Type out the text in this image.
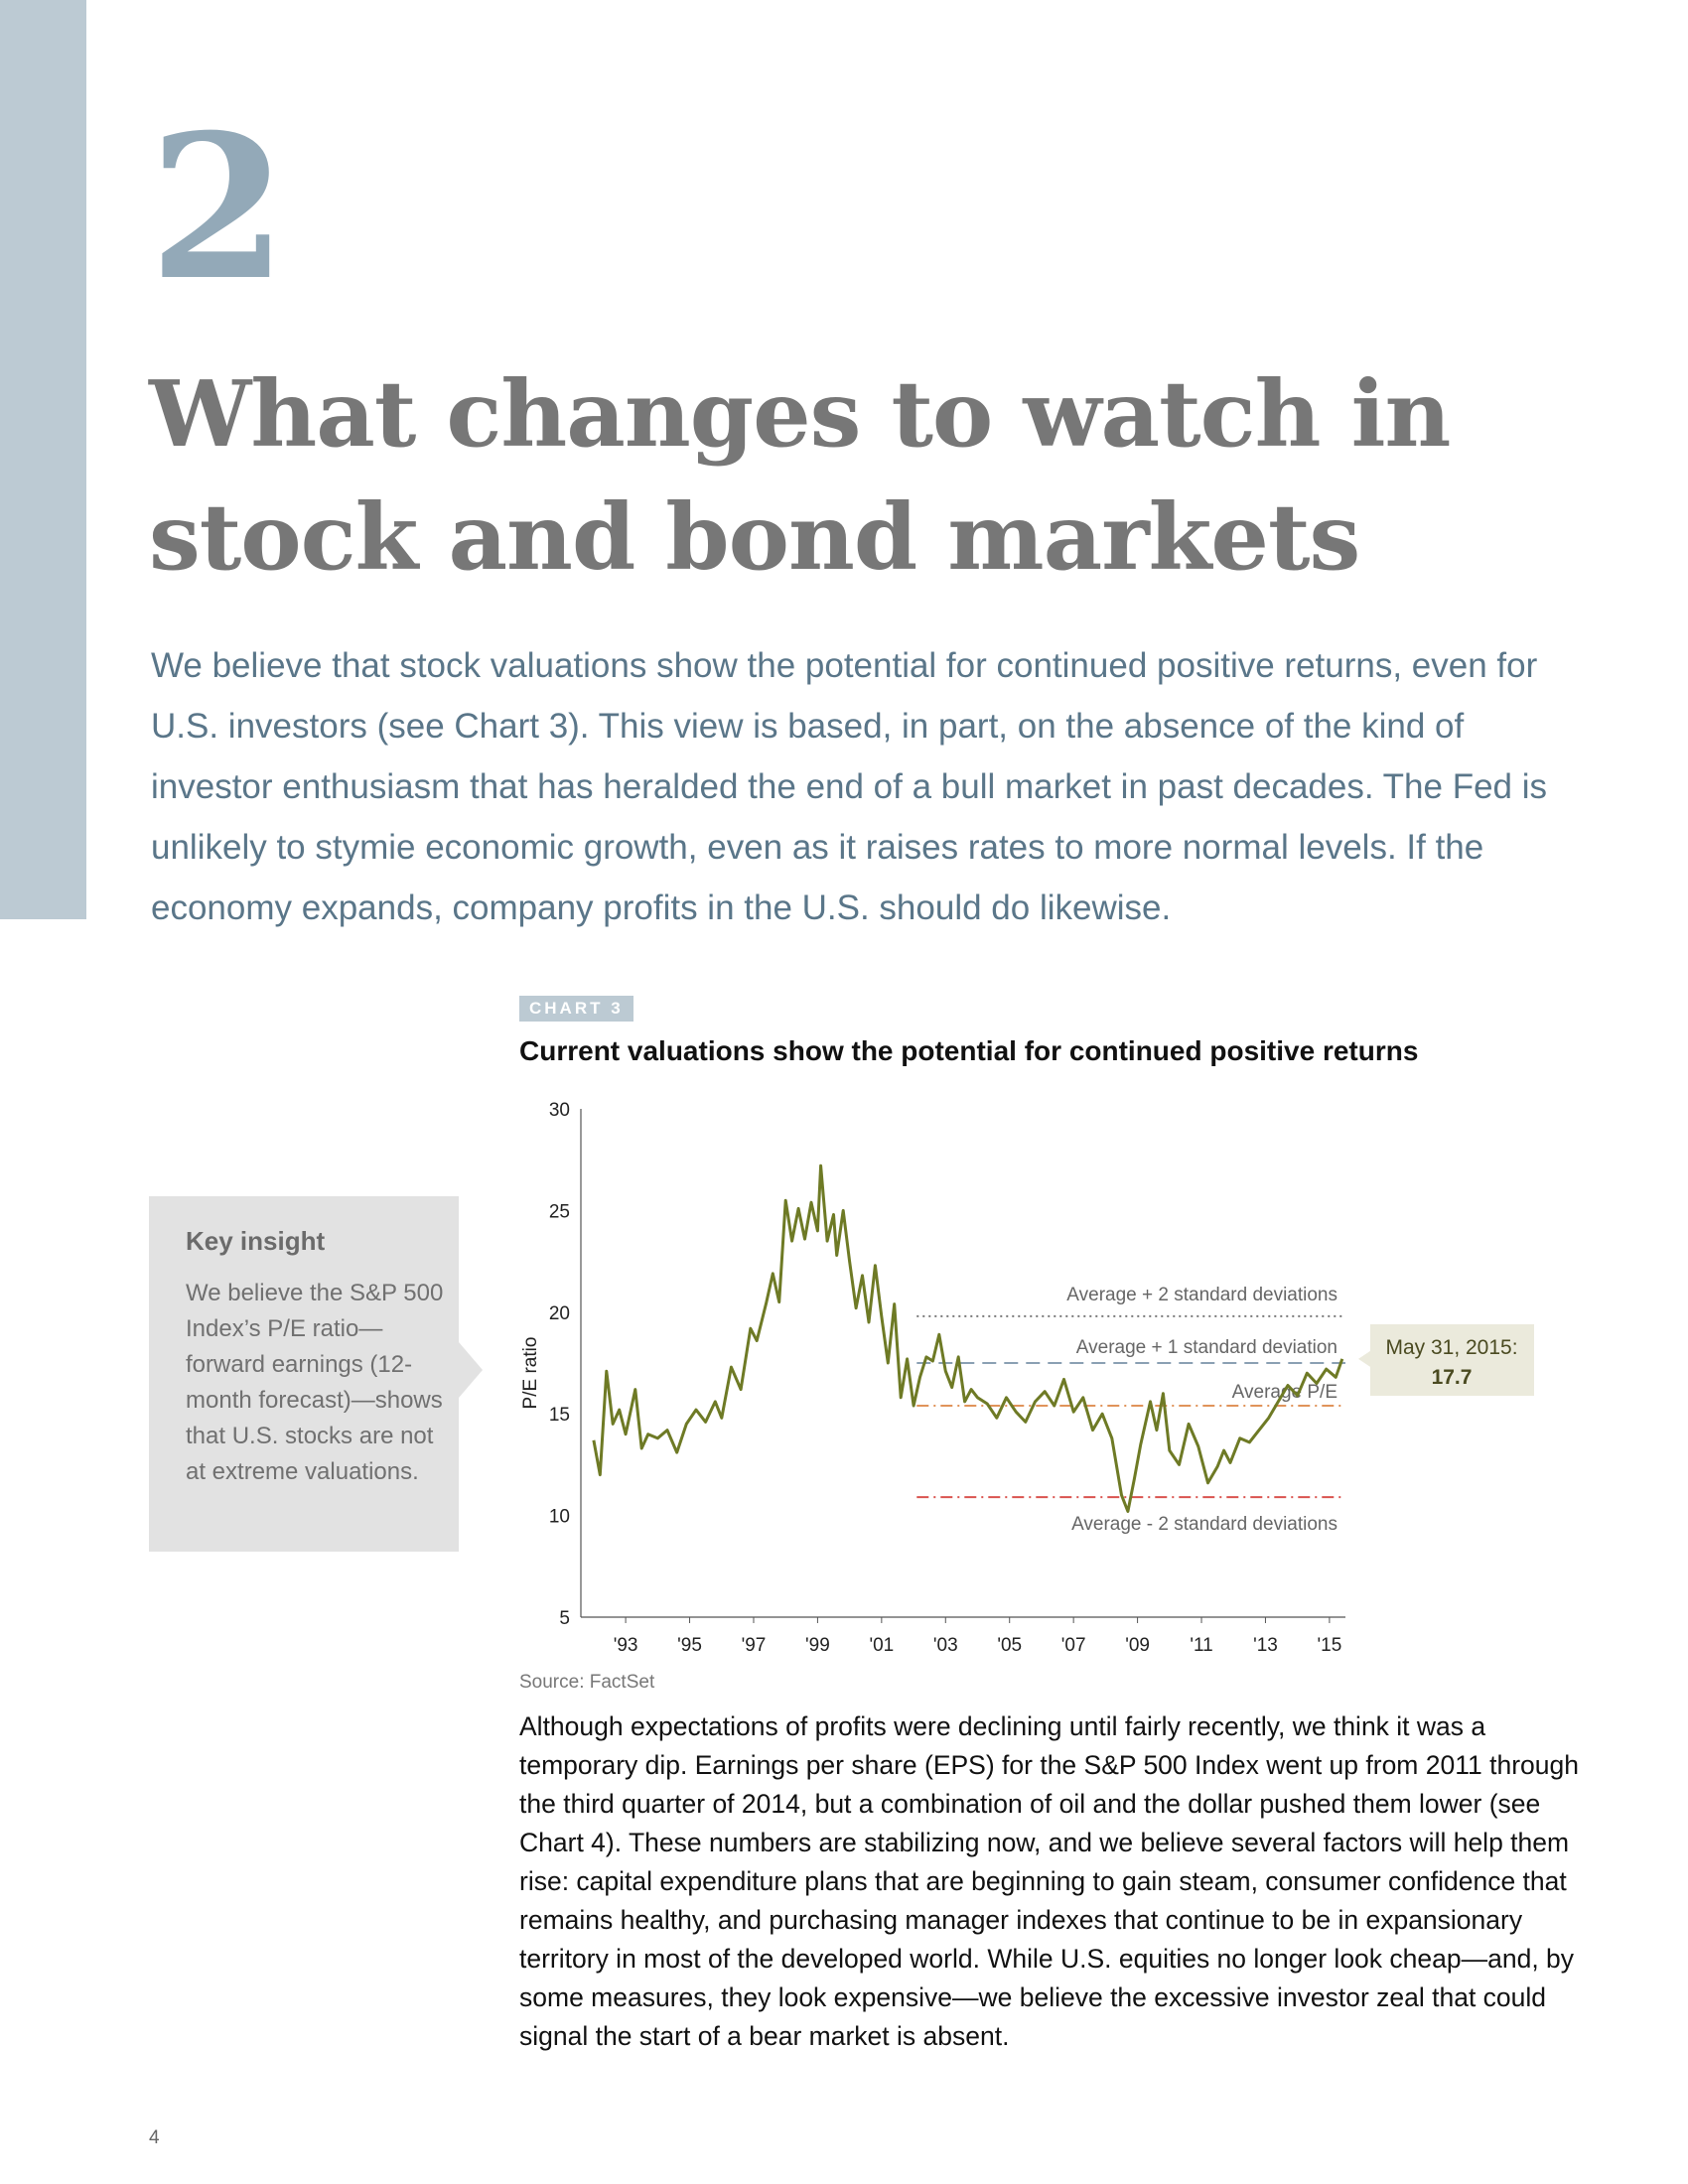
2
What changes to watch in stock and bond markets

We believe that stock valuations show the potential for continued positive returns, even for U.S. investors (see Chart 3). This view is based, in part, on the absence of the kind of investor enthusiasm that has heralded the end of a bull market in past decades. The Fed is unlikely to stymie economic growth, even as it raises rates to more normal levels. If the economy expands, company profits in the U.S. should do likewise.

CHART 3
Current valuations show the potential for continued positive returns
Key insight

We believe the S&P 500 Index’s P/E ratio—forward earnings (12-month forecast)—shows that U.S. stocks are not at extreme valuations.

5
10
15
20
25
30
'93 '95 '97 '99 '01 '03 '05 '07 '09 '11 '13 '15
P/E ratio
Average + 2 standard deviations
Average + 1 standard deviation
Average P/E
Average - 2 standard deviations
May 31, 2015:
17.7
Source: FactSet

Although expectations of profits were declining until fairly recently, we think it was a temporary dip. Earnings per share (EPS) for the S&P 500 Index went up from 2011 through the third quarter of 2014, but a combination of oil and the dollar pushed them lower (see Chart 4). These numbers are stabilizing now, and we believe several factors will help them rise: capital expenditure plans that are beginning to gain steam, consumer confidence that remains healthy, and purchasing manager indexes that continue to be in expansionary territory in most of the developed world. While U.S. equities no longer look cheap—and, by some measures, they look expensive—we believe the excessive investor zeal that could signal the start of a bear market is absent.

4
